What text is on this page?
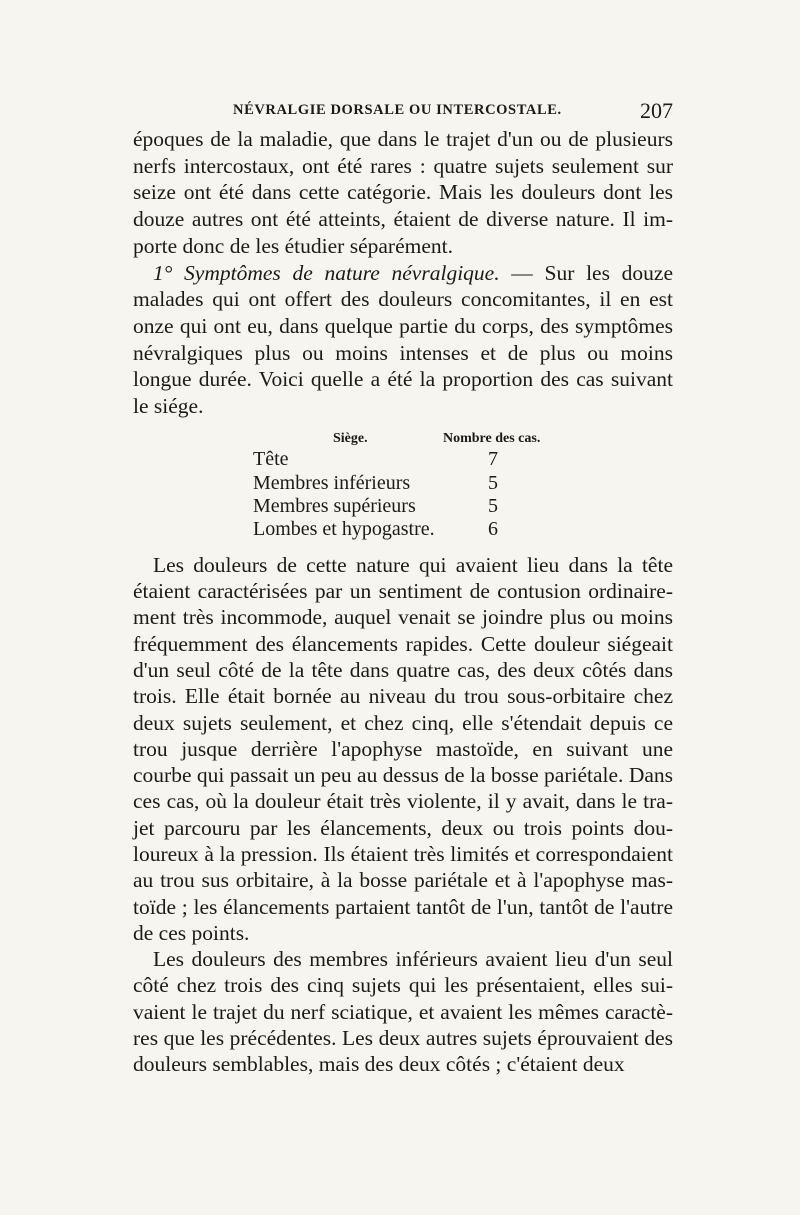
NÉVRALGIE DORSALE OU INTERCOSTALE.	207

époques de la maladie, que dans le trajet d'un ou de plusieurs nerfs intercostaux, ont été rares : quatre sujets seulement sur seize ont été dans cette catégorie. Mais les douleurs dont les douze autres ont été atteints, étaient de diverse nature. Il im- porte donc de les étudier séparément.

1° Symptômes de nature névralgique. — Sur les douze malades qui ont offert des douleurs concomitantes, il en est onze qui ont eu, dans quelque partie du corps, des symptômes névralgiques plus ou moins intenses et de plus ou moins longue durée. Voici quelle a été la proportion des cas suivant le siége.

Siège.	Nombre des cas.
Tête	7
Membres inférieurs	5
Membres supérieurs	5
Lombes et hypogastre.	6

Les douleurs de cette nature qui avaient lieu dans la tête étaient caractérisées par un sentiment de contusion ordinaire- ment très incommode, auquel venait se joindre plus ou moins fréquemment des élancements rapides. Cette douleur siégeait d'un seul côté de la tête dans quatre cas, des deux côtés dans trois. Elle était bornée au niveau du trou sous-orbitaire chez deux sujets seulement, et chez cinq, elle s'étendait depuis ce trou jusque derrière l'apophyse mastoïde, en suivant une courbe qui passait un peu au dessus de la bosse pariétale. Dans ces cas, où la douleur était très violente, il y avait, dans le tra- jet parcouru par les élancements, deux ou trois points dou- loureux à la pression. Ils étaient très limités et correspondaient au trou sus orbitaire, à la bosse pariétale et à l'apophyse mas- toïde ; les élancements partaient tantôt de l'un, tantôt de l'autre de ces points.

Les douleurs des membres inférieurs avaient lieu d'un seul côté chez trois des cinq sujets qui les présentaient, elles sui- vaient le trajet du nerf sciatique, et avaient les mêmes caractè- res que les précédentes. Les deux autres sujets éprouvaient des douleurs semblables, mais des deux côtés ; c'étaient deux
